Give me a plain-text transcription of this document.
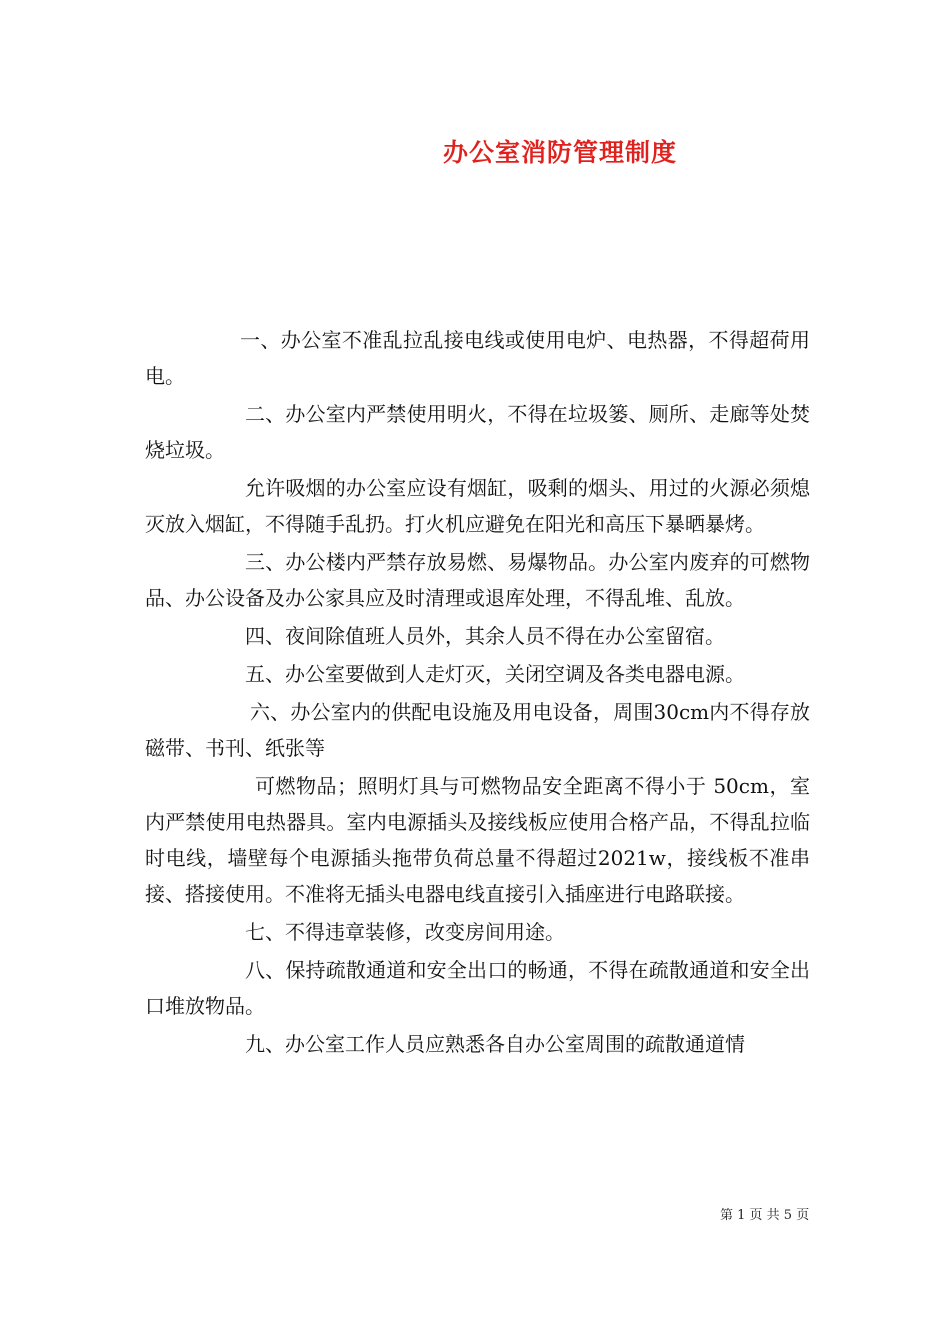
办公室消防管理制度

一、办公室不准乱拉乱接电线或使用电炉、电热器，不得超荷用电。

二、办公室内严禁使用明火，不得在垃圾篓、厕所、走廊等处焚烧垃圾。

允许吸烟的办公室应设有烟缸，吸剩的烟头、用过的火源必须熄灭放入烟缸，不得随手乱扔。打火机应避免在阳光和高压下暴晒暴烤。

三、办公楼内严禁存放易燃、易爆物品。办公室内废弃的可燃物品、办公设备及办公家具应及时清理或退库处理，不得乱堆、乱放。

四、夜间除值班人员外，其余人员不得在办公室留宿。

五、办公室要做到人走灯灭，关闭空调及各类电器电源。

六、办公室内的供配电设施及用电设备，周围30cm内不得存放磁带、书刊、纸张等

可燃物品；照明灯具与可燃物品安全距离不得小于 50cm，室内严禁使用电热器具。室内电源插头及接线板应使用合格产品，不得乱拉临时电线，墙壁每个电源插头拖带负荷总量不得超过2021w，接线板不准串接、搭接使用。不准将无插头电器电线直接引入插座进行电路联接。

七、不得违章装修，改变房间用途。

八、保持疏散通道和安全出口的畅通，不得在疏散通道和安全出口堆放物品。

九、办公室工作人员应熟悉各自办公室周围的疏散通道情

第 1 页 共 5 页
